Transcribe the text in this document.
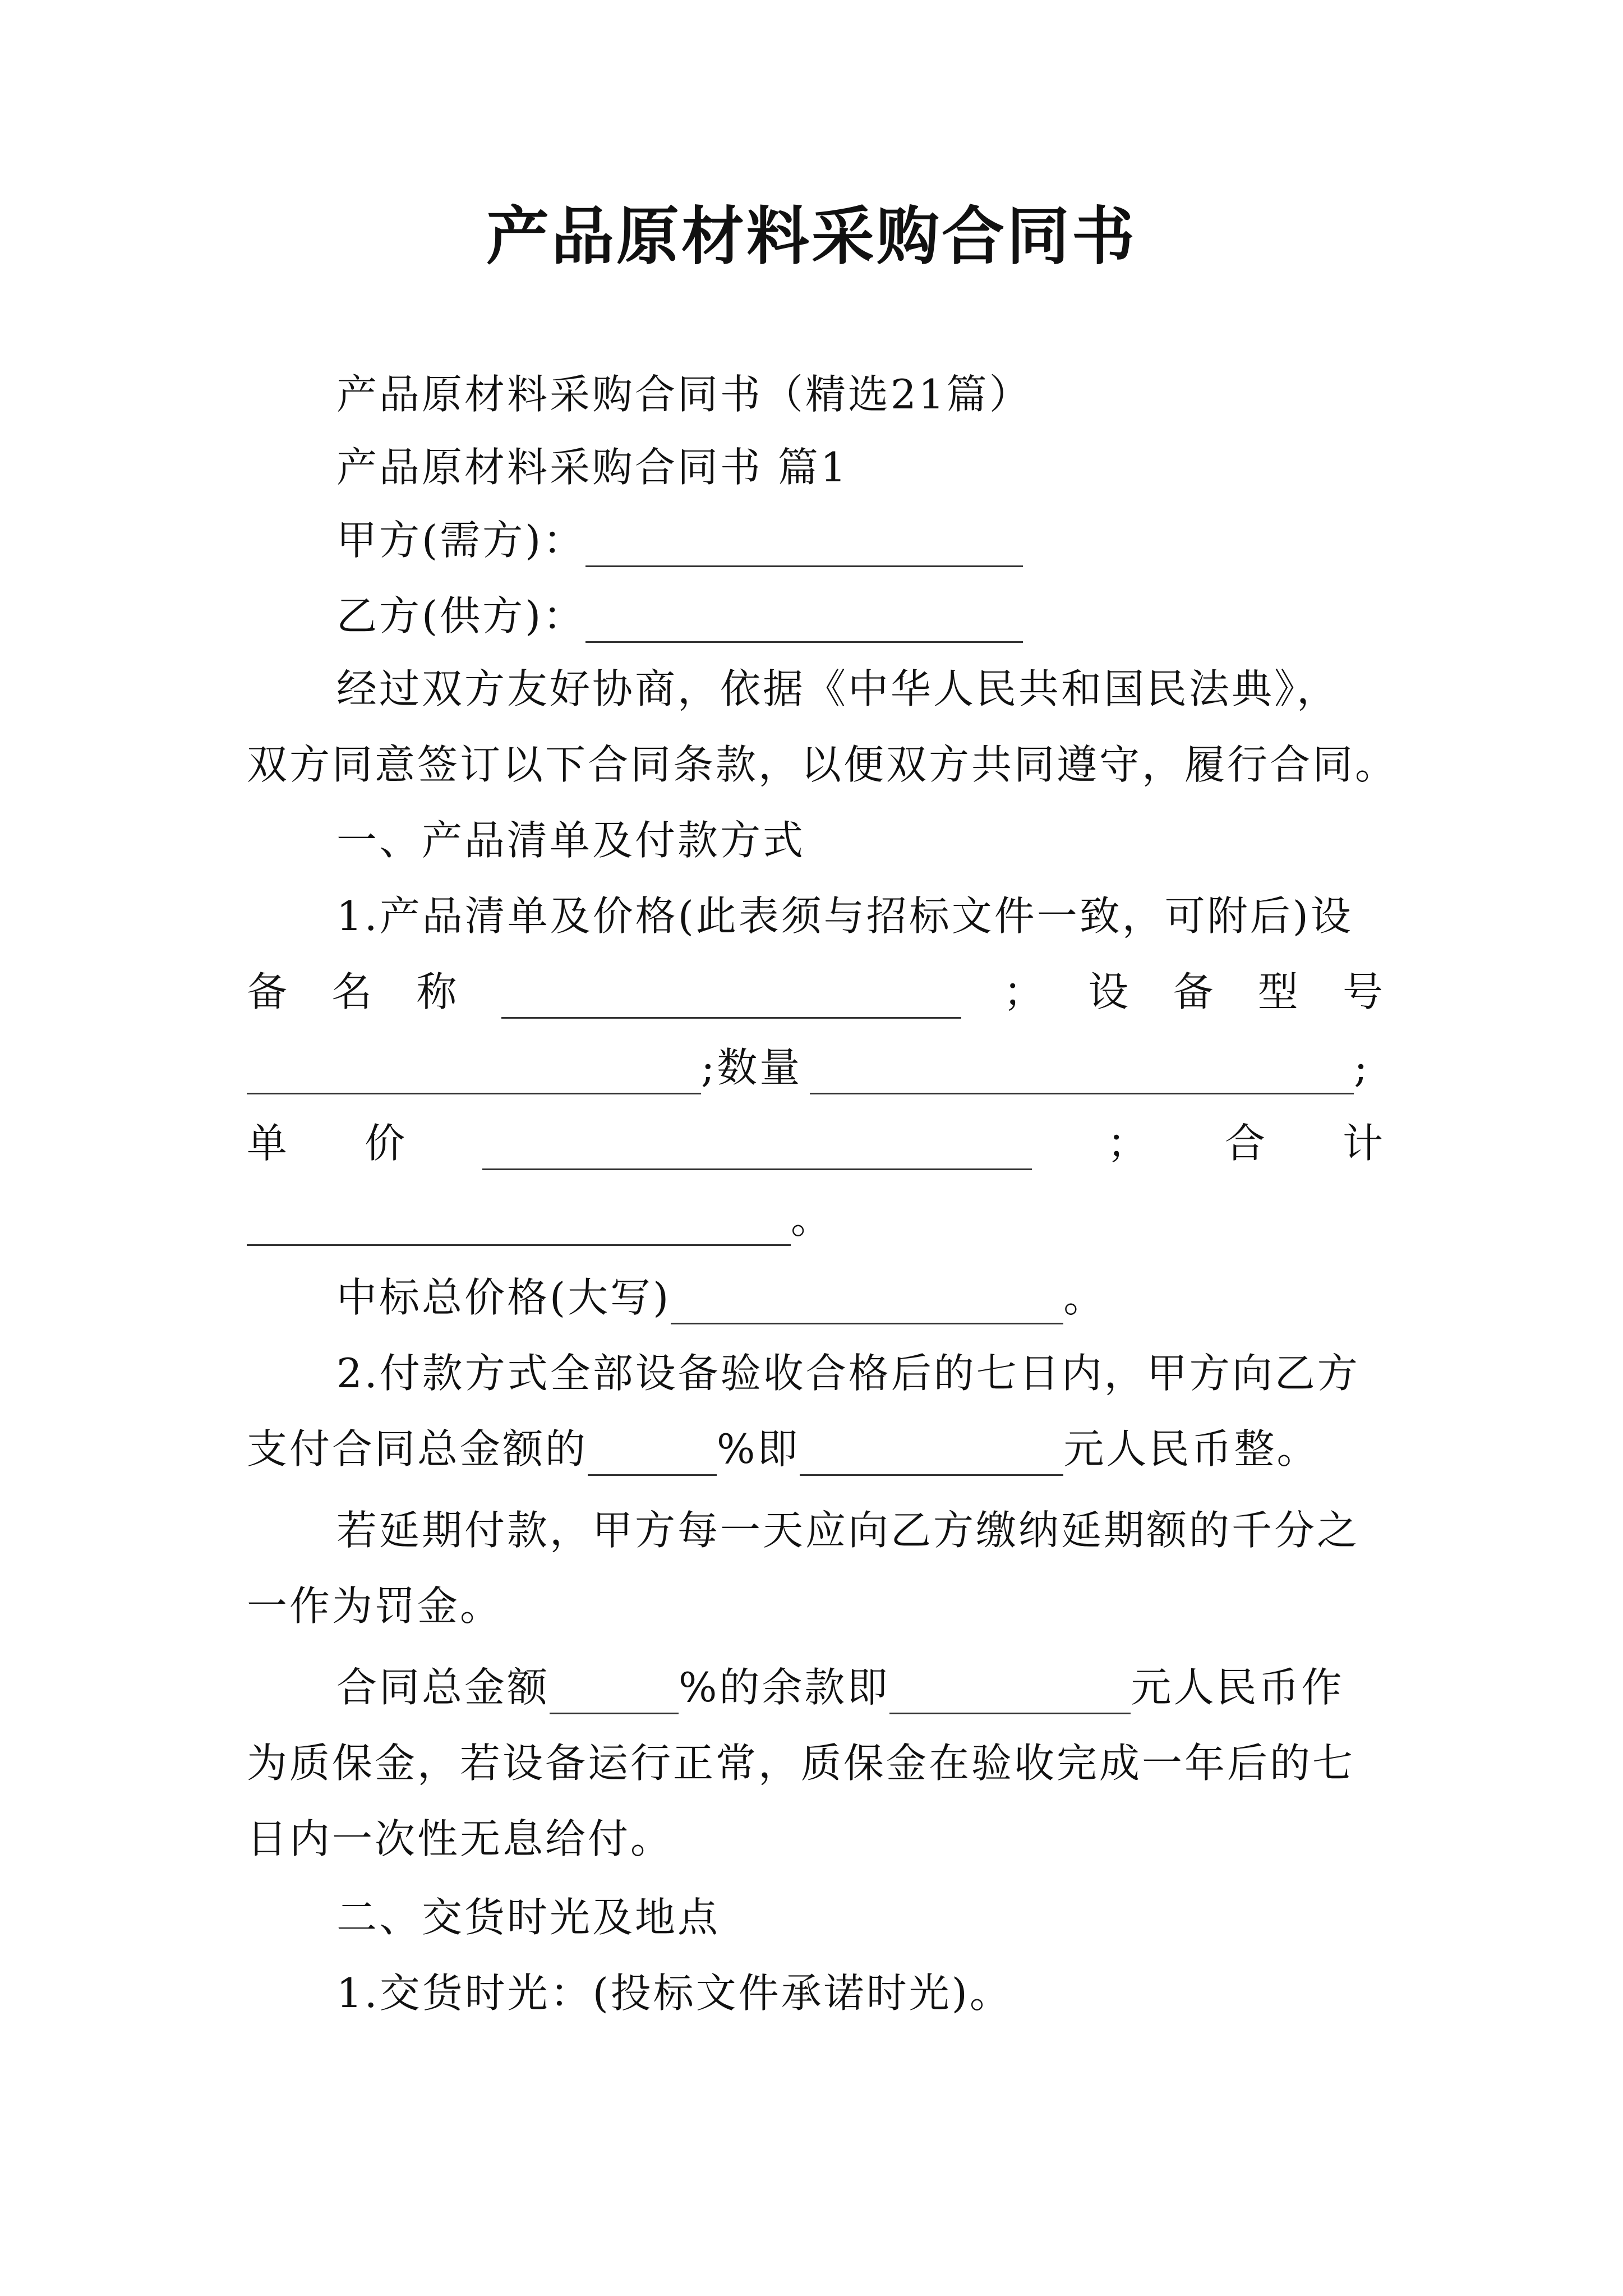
产品原材料采购合同书
产品原材料采购合同书（精选21篇）
产品原材料采购合同书 篇1
甲方(需方)：
乙方(供方)：
经过双方友好协商，依据《中华人民共和国民法典》，
双方同意签订以下合同条款，以便双方共同遵守，履行合同。
一、产品清单及付款方式
1.产品清单及价格(此表须与招标文件一致，可附后)设
备 名 称	； 设 备 型 号
;数量	;
单 价	； 合 计
。
中标总价格(大写)	。
2.付款方式全部设备验收合格后的七日内，甲方向乙方
支付合同总金额的	%即	元人民币整。
若延期付款，甲方每一天应向乙方缴纳延期额的千分之
一作为罚金。
合同总金额	%的余款即	元人民币作
为质保金，若设备运行正常，质保金在验收完成一年后的七
日内一次性无息给付。
二、交货时光及地点
1.交货时光：(投标文件承诺时光)。
